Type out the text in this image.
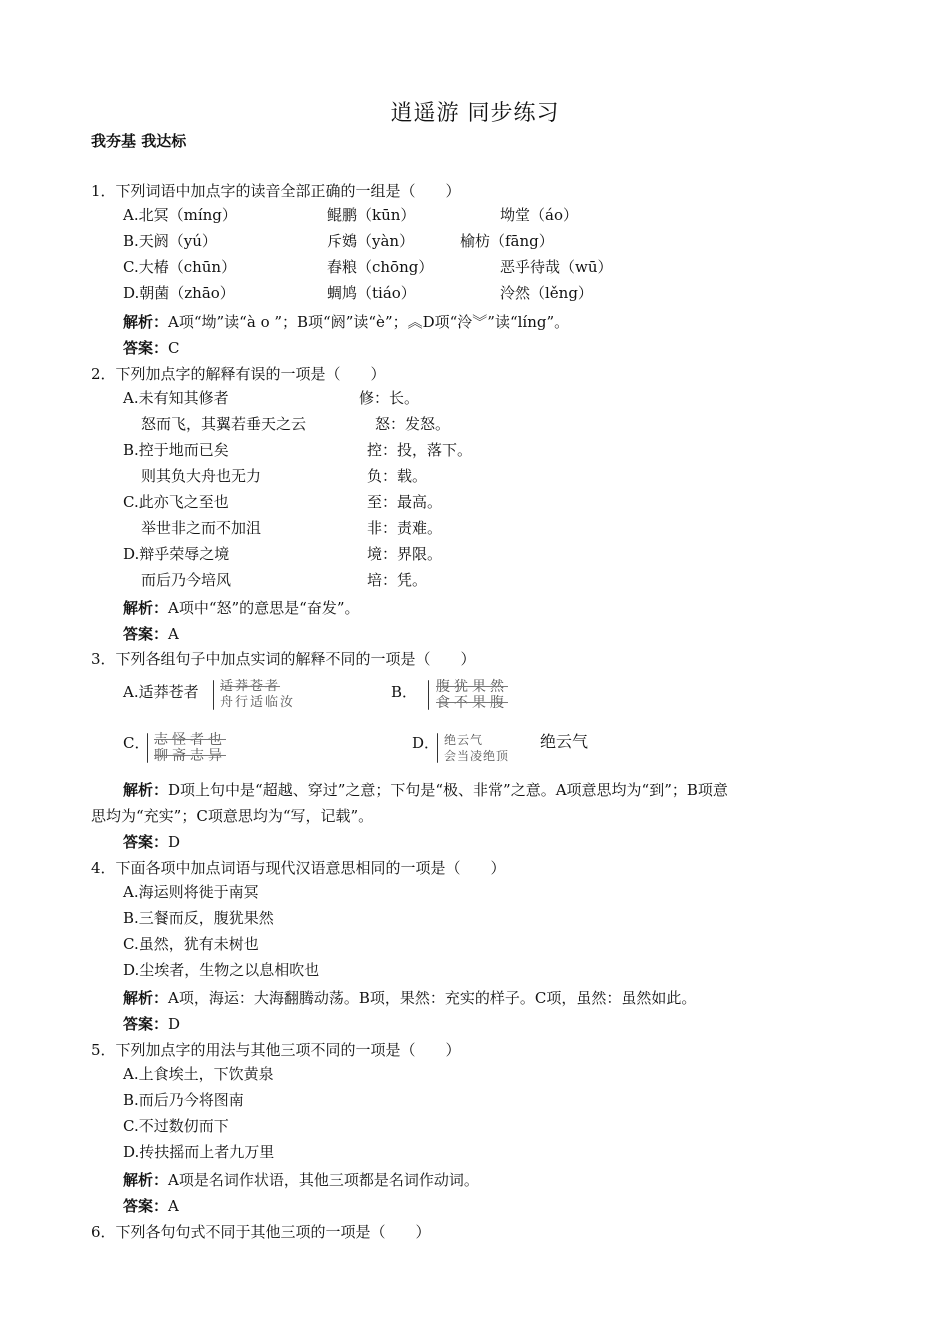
逍遥游 同步练习
我夯基 我达标
1．下列词语中加点字的读音全部正确的一组是（　　）
A.北冥（míng）	鲲鹏（kūn）	坳堂（áo）
B.天阏（yú）	斥鴳（yàn）	榆枋（fāng）
C.大椿（chūn）	舂粮（chōng）	恶乎待哉（wū）
D.朝菌（zhāo）	蜩鸠（tiáo）	泠然（lěng）
解析：A项“坳”读“à o ”；B项“阏”读“è”；︽D项“泠︾”读“líng”。
答案：C
2．下列加点字的解释有误的一项是（　　）
A.未有知其修者	修：长。
怒而飞，其翼若垂天之云	怒：发怒。
B.控于地而已矣	控：投，落下。
则其负大舟也无力	负：载。
C.此亦飞之至也	至：最高。
举世非之而不加沮	非：责难。
D.辩乎荣辱之境	境：界限。
而后乃今培风	培：凭。
解析：A项中“怒”的意思是“奋发”。
答案：A
3．下列各组句子中加点实词的解释不同的一项是（　　）
A.适莽苍者 适莽苍者
舟行适临汝
B． 腹犹果然
食不果腹
C． 志怪者也
聊斋志异
D． 绝云气
会当凌绝顶
绝云气
解析：D项上句中是“超越、穿过”之意；下句是“极、非常”之意。A项意思均为“到”；B项意
思均为“充实”；C项意思均为“写，记载”。
答案：D
4．下面各项中加点词语与现代汉语意思相同的一项是（　　）
A.海运则将徙于南冥
B.三餐而反，腹犹果然
C.虽然，犹有未树也
D.尘埃者，生物之以息相吹也
解析：A项，海运：大海翻腾动荡。B项，果然：充实的样子。C项，虽然：虽然如此。
答案：D
5．下列加点字的用法与其他三项不同的一项是（　　）
A.上食埃土，下饮黄泉
B.而后乃今将图南
C.不过数仞而下
D.抟扶摇而上者九万里
解析：A项是名词作状语，其他三项都是名词作动词。
答案：A
6．下列各句句式不同于其他三项的一项是（　　）
